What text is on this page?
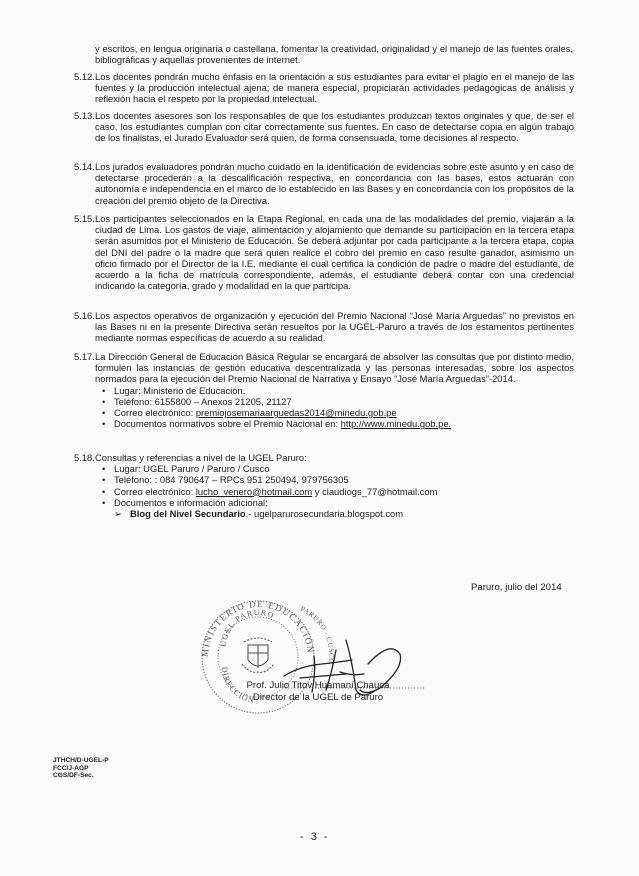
y escritos, en lengua originaria o castellana, fomentar la creatividad, originalidad y el manejo de las fuentes orales, bibliográficas y aquellas provenientes de internet.
5.12. Los docentes pondrán mucho énfasis en la orientación a sus estudiantes para evitar el plagio en el manejo de las fuentes y la producción intelectual ajena; de manera especial, propiciarán actividades pedagógicas de análisis y reflexión hacia el respeto por la propiedad intelectual.
5.13. Los docentes asesores son los responsables de que los estudiantes produzcan textos originales y que, de ser el caso, los estudiantes cumplan con citar correctamente sus fuentes. En caso de detectarse copia en algún trabajo de los finalistas, el Jurado Evaluador será quien, de forma consensuada, tome decisiones al respecto.
5.14. Los jurados evaluadores pondrán mucho cuidado en la identificación de evidencias sobre este asunto y en caso de detectarse procederán a la descalificación respectiva, en concordancia con las bases, estos actuarán con autonomía e independencia en el marco de lo establecido en las Bases y en concordancia con los propósitos de la creación del premio objeto de la Directiva.
5.15. Los participantes seleccionados en la Etapa Regional, en cada una de las modalidades del premio, viajarán a la ciudad de Lima. Los gastos de viaje, alimentación y alojamiento que demande su participación en la tercera etapa serán asumidos por el Ministerio de Educación. Se deberá adjuntar por cada participante a la tercera etapa, copia del DNI del padre o la madre que será quien realice el cobro del premio en caso resulte ganador, asimismo un oficio firmado por el Director de la I.E. mediante el cual certifica la condición de padre o madre del estudiante, de acuerdo a la ficha de matrícula correspondiente, además, el estudiante deberá contar con una credencial indicando la categoría, grado y modalidad en la que participa.
5.16. Los aspectos operativos de organización y ejecución del Premio Nacional “José María Arguedas” no previstos en las Bases ni en la presente Directiva serán resueltos por la UGEL-Paruro a través de los estamentos pertinentes mediante normas específicas de acuerdo a su realidad.
5.17. La Dirección General de Educación Básica Regular se encargará de absolver las consultas que por distinto medio, formulen las instancias de gestión educativa descentralizada y las personas interesadas, sobre los aspectos normados para la ejecución del Premio Nacional de Narrativa y Ensayo “José María Arguedas”-2014.
• Lugar: Ministerio de Educación.
• Teléfono: 6155800 – Anexos 21205, 21127
• Correo electrónico: premiojosemariaarguedas2014@minedu.gob.pe
• Documentos normativos sobre el Premio Nacional en: http://www.minedu.gob.pe.
5.18. Consultas y referencias a nivel de la UGEL Paruro:
• Lugar: UGEL Paruro / Paruro / Cusco
• Teléfono: : 084 790647 – RPCs 951 250494, 979756305
• Correo electrónico: lucho_venero@hotmail.com y claudiogs_77@hotmail.com
• Documentos e información adicional:
➢ Blog del Nivel Secundario.- ugelparurosecundaria.blogspot.com
Paruro, julio del 2014
MINISTERIO DE EDUCACIÓN
UGEL PARURO
DIRECCIÓN
PARURO - CUSCO
Prof. Julio Titov Huamaní Chauca
Director de la UGEL de Paruro
JTHCH/D-UGEL-P
FCC/J-AGP
CGS/DF-Sec.
- 3 -
